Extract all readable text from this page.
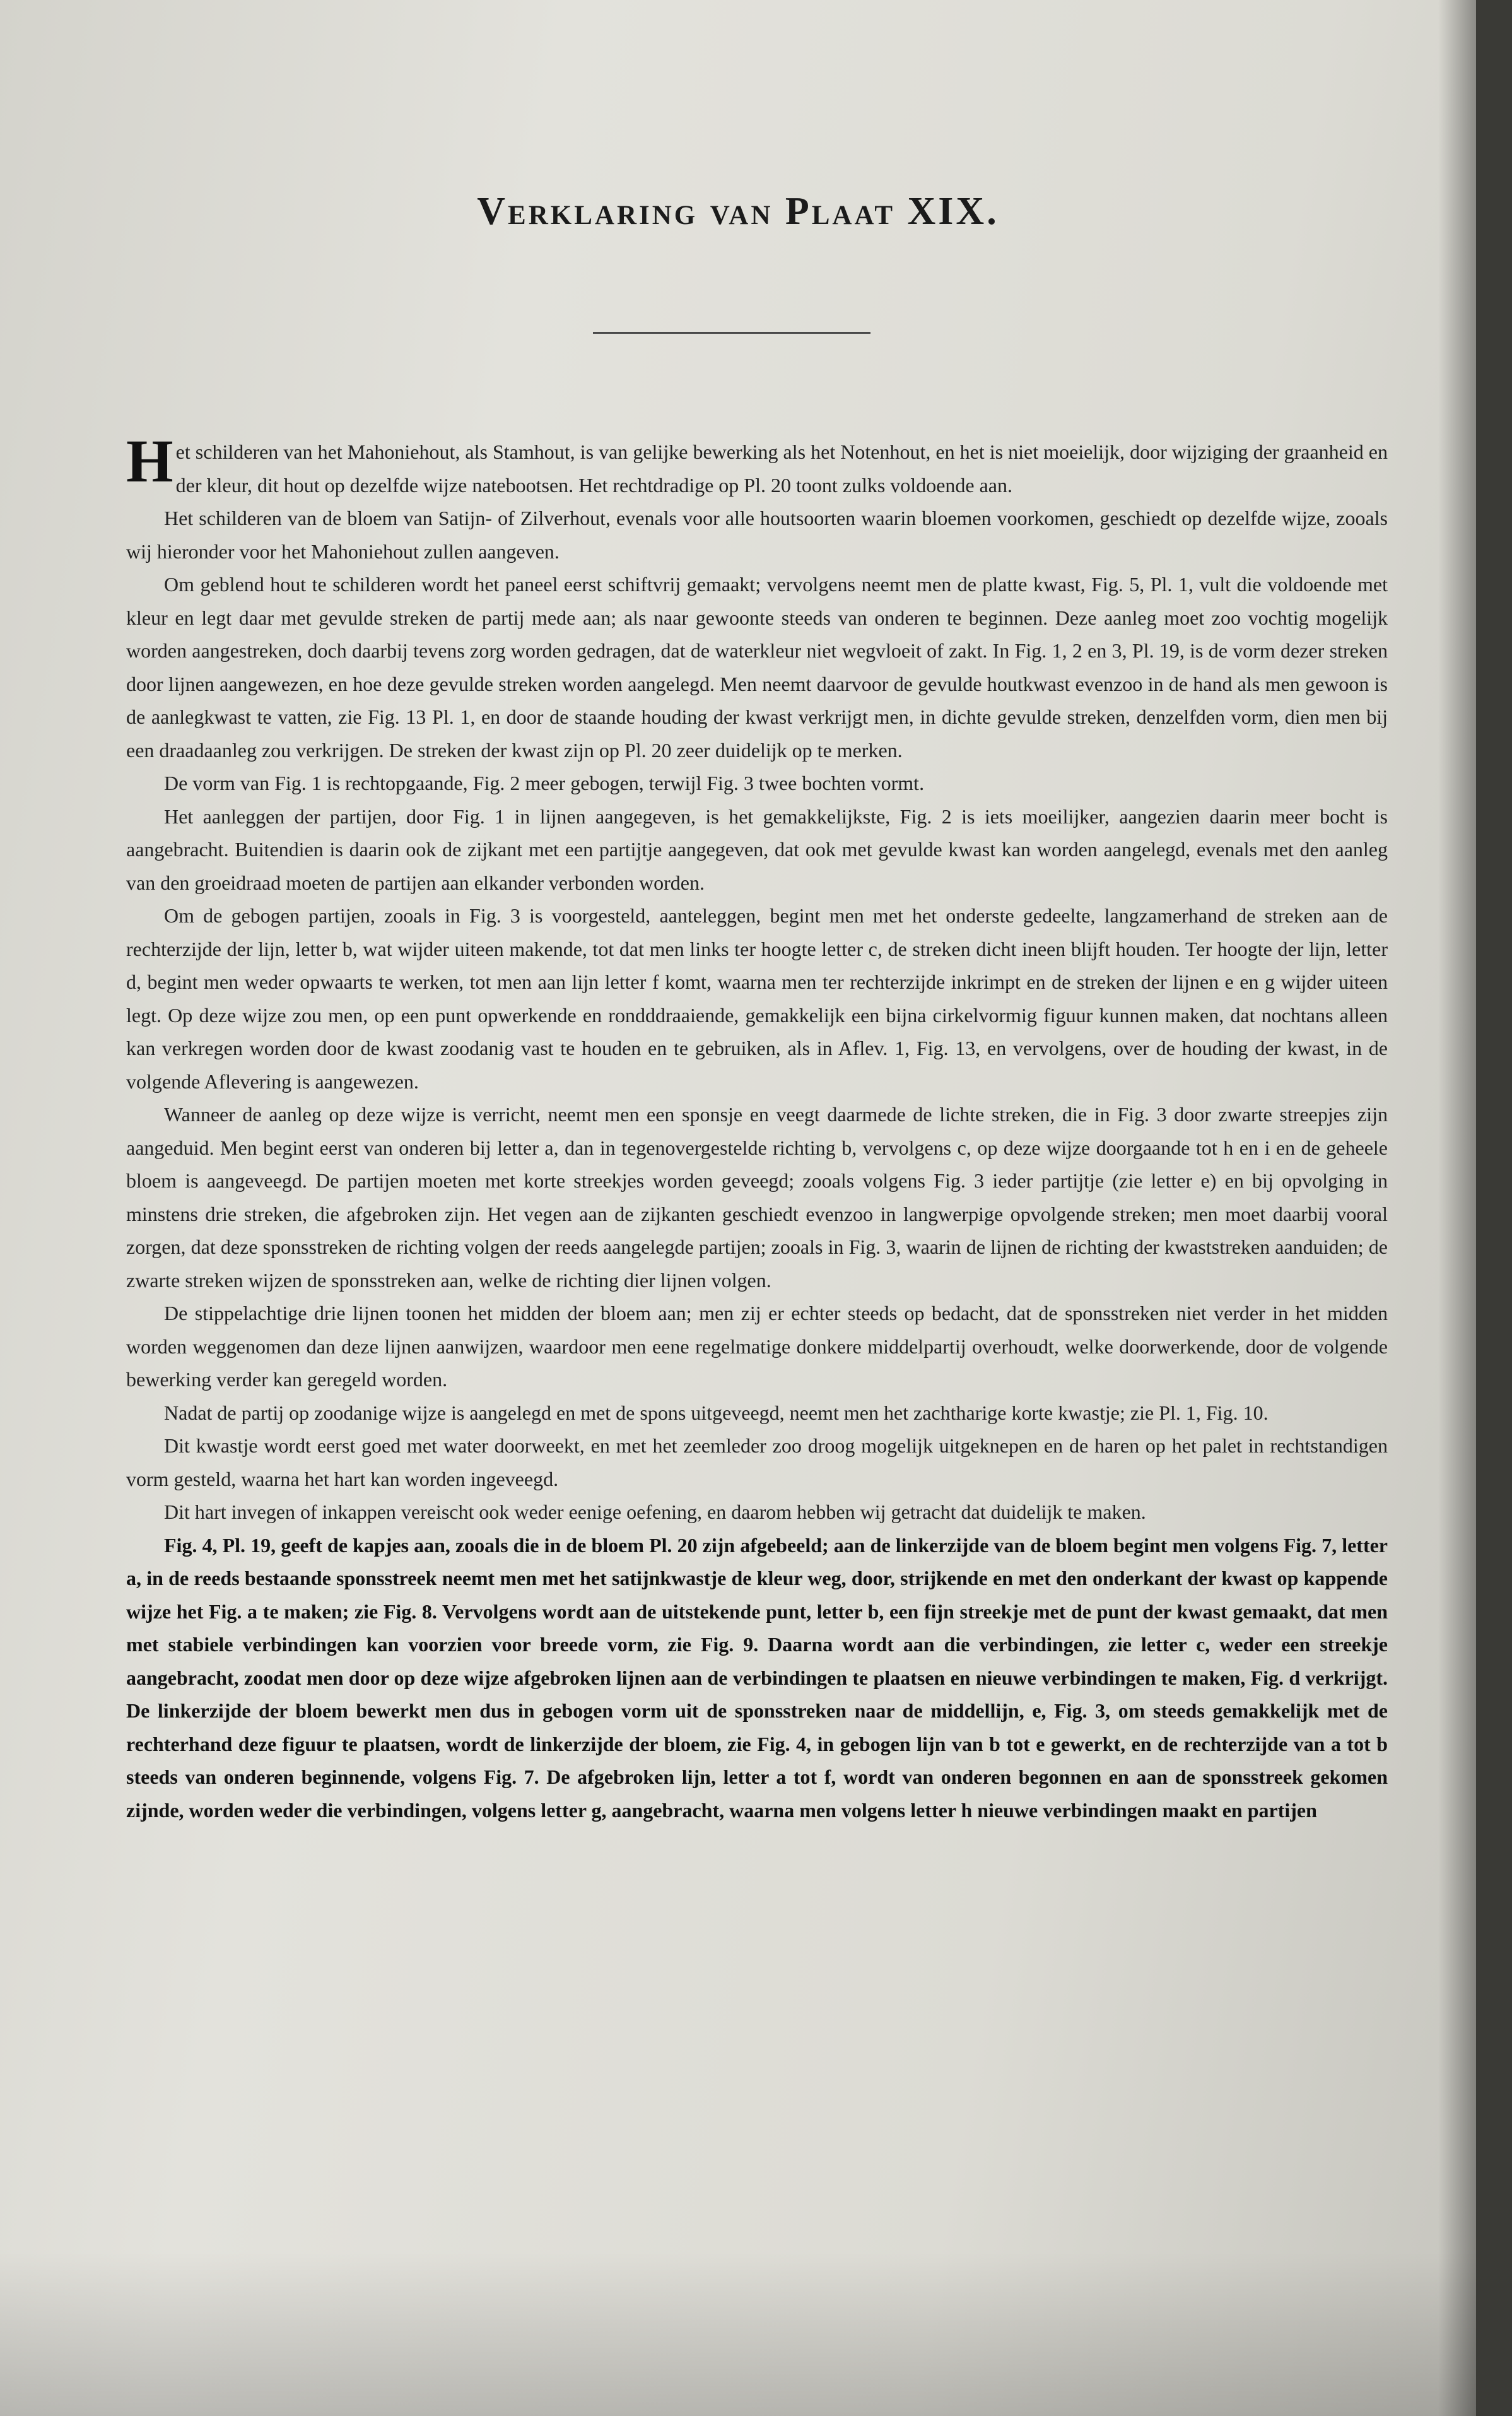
Verklaring van Plaat XIX.

Het schilderen van het Mahoniehout, als Stamhout, is van gelijke bewerking als het Notenhout, en het is niet moeielijk, door wijziging der graanheid en der kleur, dit hout op dezelfde wijze natebootsen. Het rechtdradige op Pl. 20 toont zulks voldoende aan.

Het schilderen van de bloem van Satijn- of Zilverhout, evenals voor alle houtsoorten waarin bloemen voorkomen, geschiedt op dezelfde wijze, zooals wij hieronder voor het Mahoniehout zullen aangeven.

Om geblend hout te schilderen wordt het paneel eerst schiftvrij gemaakt; vervolgens neemt men de platte kwast, Fig. 5, Pl. 1, vult die voldoende met kleur en legt daar met gevulde streken de partij mede aan; als naar gewoonte steeds van onderen te beginnen. Deze aanleg moet zoo vochtig mogelijk worden aangestreken, doch daarbij tevens zorg worden gedragen, dat de waterkleur niet wegvloeit of zakt. In Fig. 1, 2 en 3, Pl. 19, is de vorm dezer streken door lijnen aangewezen, en hoe deze gevulde streken worden aangelegd. Men neemt daarvoor de gevulde houtkwast evenzoo in de hand als men gewoon is de aanlegkwast te vatten, zie Fig. 13 Pl. 1, en door de staande houding der kwast verkrijgt men, in dichte gevulde streken, denzelfden vorm, dien men bij een draadaanleg zou verkrijgen. De streken der kwast zijn op Pl. 20 zeer duidelijk op te merken.

De vorm van Fig. 1 is rechtopgaande, Fig. 2 meer gebogen, terwijl Fig. 3 twee bochten vormt.

Het aanleggen der partijen, door Fig. 1 in lijnen aangegeven, is het gemakkelijkste, Fig. 2 is iets moeilijker, aangezien daarin meer bocht is aangebracht. Buitendien is daarin ook de zijkant met een partijtje aangegeven, dat ook met gevulde kwast kan worden aangelegd, evenals met den aanleg van den groeidraad moeten de partijen aan elkander verbonden worden.

Om de gebogen partijen, zooals in Fig. 3 is voorgesteld, aanteleggen, begint men met het onderste gedeelte, langzamerhand de streken aan de rechterzijde der lijn, letter b, wat wijder uiteen makende, tot dat men links ter hoogte letter c, de streken dicht ineen blijft houden. Ter hoogte der lijn, letter d, begint men weder opwaarts te werken, tot men aan lijn letter f komt, waarna men ter rechterzijde inkrimpt en de streken der lijnen e en g wijder uiteen legt. Op deze wijze zou men, op een punt opwerkende en rondddraaiende, gemakkelijk een bijna cirkelvormig figuur kunnen maken, dat nochtans alleen kan verkregen worden door de kwast zoodanig vast te houden en te gebruiken, als in Aflev. 1, Fig. 13, en vervolgens, over de houding der kwast, in de volgende Aflevering is aangewezen.

Wanneer de aanleg op deze wijze is verricht, neemt men een sponsje en veegt daarmede de lichte streken, die in Fig. 3 door zwarte streepjes zijn aangeduid. Men begint eerst van onderen bij letter a, dan in tegenovergestelde richting b, vervolgens c, op deze wijze doorgaande tot h en i en de geheele bloem is aangeveegd. De partijen moeten met korte streekjes worden geveegd; zooals volgens Fig. 3 ieder partijtje (zie letter e) en bij opvolging in minstens drie streken, die afgebroken zijn. Het vegen aan de zijkanten geschiedt evenzoo in langwerpige opvolgende streken; men moet daarbij vooral zorgen, dat deze sponsstreken de richting volgen der reeds aangelegde partijen; zooals in Fig. 3, waarin de lijnen de richting der kwaststreken aanduiden; de zwarte streken wijzen de sponsstreken aan, welke de richting dier lijnen volgen.

De stippelachtige drie lijnen toonen het midden der bloem aan; men zij er echter steeds op bedacht, dat de sponsstreken niet verder in het midden worden weggenomen dan deze lijnen aanwijzen, waardoor men eene regelmatige donkere middelpartij overhoudt, welke doorwerkende, door de volgende bewerking verder kan geregeld worden.

Nadat de partij op zoodanige wijze is aangelegd en met de spons uitgeveegd, neemt men het zachtharige korte kwastje; zie Pl. 1, Fig. 10.

Dit kwastje wordt eerst goed met water doorweekt, en met het zeemleder zoo droog mogelijk uitgeknepen en de haren op het palet in rechtstandigen vorm gesteld, waarna het hart kan worden ingeveegd.

Dit hart invegen of inkappen vereischt ook weder eenige oefening, en daarom hebben wij getracht dat duidelijk te maken.

Fig. 4, Pl. 19, geeft de kapjes aan, zooals die in de bloem Pl. 20 zijn afgebeeld; aan de linkerzijde van de bloem begint men volgens Fig. 7, letter a, in de reeds bestaande sponsstreek neemt men met het satijnkwastje de kleur weg, door, strijkende en met den onderkant der kwast op kappende wijze het Fig. a te maken; zie Fig. 8. Vervolgens wordt aan de uitstekende punt, letter b, een fijn streekje met de punt der kwast gemaakt, dat men met stabiele verbindingen kan voorzien voor breede vorm, zie Fig. 9. Daarna wordt aan die verbindingen, zie letter c, weder een streekje aangebracht, zoodat men door op deze wijze afgebroken lijnen aan de verbindingen te plaatsen en nieuwe verbindingen te maken, Fig. d verkrijgt. De linkerzijde der bloem bewerkt men dus in gebogen vorm uit de sponsstreken naar de middellijn, e, Fig. 3, om steeds gemakkelijk met de rechterhand deze figuur te plaatsen, wordt de linkerzijde der bloem, zie Fig. 4, in gebogen lijn van b tot e gewerkt, en de rechterzijde van a tot b steeds van onderen beginnende, volgens Fig. 7. De afgebroken lijn, letter a tot f, wordt van onderen begonnen en aan de sponsstreek gekomen zijnde, worden weder die verbindingen, volgens letter g, aangebracht, waarna men volgens letter h nieuwe verbindingen maakt en partijen
